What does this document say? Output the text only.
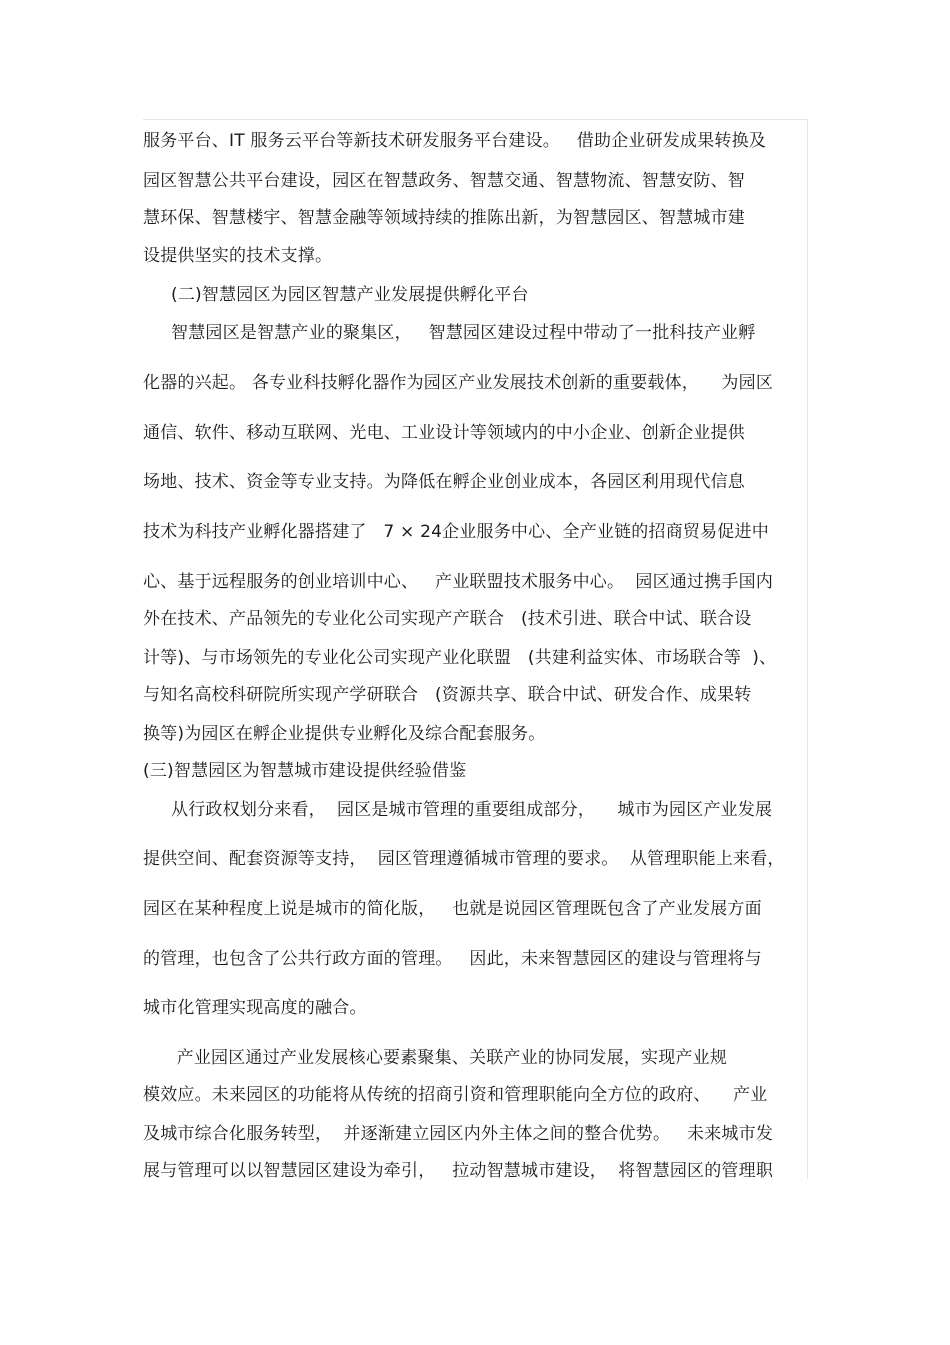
服务平台、IT 服务云平台等新技术研发服务平台建设。   借助企业研发成果转换及
园区智慧公共平台建设，园区在智慧政务、智慧交通、智慧物流、智慧安防、智
慧环保、智慧楼宇、智慧金融等领域持续的推陈出新，为智慧园区、智慧城市建
设提供坚实的技术支撑。
(二)智慧园区为园区智慧产业发展提供孵化平台
智慧园区是智慧产业的聚集区，   智慧园区建设过程中带动了一批科技产业孵
化器的兴起。 各专业科技孵化器作为园区产业发展技术创新的重要载体，    为园区
通信、软件、移动互联网、光电、工业设计等领域内的中小企业、创新企业提供
场地、技术、资金等专业支持。为降低在孵企业创业成本，各园区利用现代信息
技术为科技产业孵化器搭建了   7 × 24企业服务中心、全产业链的招商贸易促进中
心、基于远程服务的创业培训中心、   产业联盟技术服务中心。  园区通过携手国内
外在技术、产品领先的专业化公司实现产产联合   (技术引进、联合中试、联合设
计等)、与市场领先的专业化公司实现产业化联盟   (共建利益实体、市场联合等  )、
与知名高校科研院所实现产学研联合   (资源共享、联合中试、研发合作、成果转
换等)为园区在孵企业提供专业孵化及综合配套服务。
(三)智慧园区为智慧城市建设提供经验借鉴
从行政权划分来看，  园区是城市管理的重要组成部分，    城市为园区产业发展
提供空间、配套资源等支持，  园区管理遵循城市管理的要求。  从管理职能上来看，
园区在某种程度上说是城市的简化版，   也就是说园区管理既包含了产业发展方面
的管理，也包含了公共行政方面的管理。   因此，未来智慧园区的建设与管理将与
城市化管理实现高度的融合。
产业园区通过产业发展核心要素聚集、关联产业的协同发展，实现产业规
模效应。未来园区的功能将从传统的招商引资和管理职能向全方位的政府、    产业
及城市综合化服务转型，  并逐渐建立园区内外主体之间的整合优势。   未来城市发
展与管理可以以智慧园区建设为牵引，   拉动智慧城市建设，  将智慧园区的管理职
